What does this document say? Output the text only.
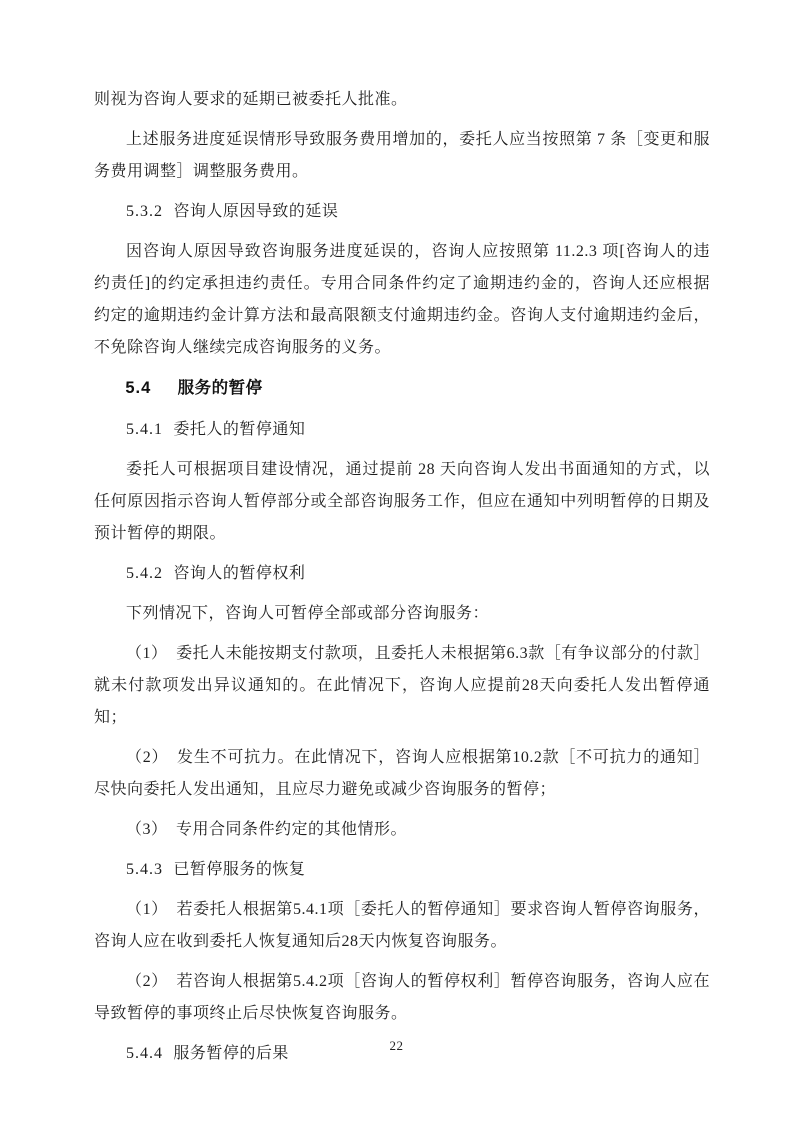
则视为咨询人要求的延期已被委托人批准。

上述服务进度延误情形导致服务费用增加的，委托人应当按照第 7 条［变更和服务费用调整］调整服务费用。

5.3.2 咨询人原因导致的延误

因咨询人原因导致咨询服务进度延误的，咨询人应按照第 11.2.3 项[咨询人的违约责任]的约定承担违约责任。专用合同条件约定了逾期违约金的，咨询人还应根据约定的逾期违约金计算方法和最高限额支付逾期违约金。咨询人支付逾期违约金后，不免除咨询人继续完成咨询服务的义务。

5.4 服务的暂停
5.4.1 委托人的暂停通知

委托人可根据项目建设情况，通过提前 28 天向咨询人发出书面通知的方式，以任何原因指示咨询人暂停部分或全部咨询服务工作，但应在通知中列明暂停的日期及预计暂停的期限。

5.4.2 咨询人的暂停权利

下列情况下，咨询人可暂停全部或部分咨询服务：

（1）　委托人未能按期支付款项，且委托人未根据第6.3款［有争议部分的付款］就未付款项发出异议通知的。在此情况下，咨询人应提前28天向委托人发出暂停通知；

（2）　发生不可抗力。在此情况下，咨询人应根据第10.2款［不可抗力的通知］尽快向委托人发出通知，且应尽力避免或减少咨询服务的暂停；

（3）　专用合同条件约定的其他情形。

5.4.3 已暂停服务的恢复

（1）　若委托人根据第5.4.1项［委托人的暂停通知］要求咨询人暂停咨询服务，咨询人应在收到委托人恢复通知后28天内恢复咨询服务。

（2）　若咨询人根据第5.4.2项［咨询人的暂停权利］暂停咨询服务，咨询人应在导致暂停的事项终止后尽快恢复咨询服务。

5.4.4 服务暂停的后果	22
